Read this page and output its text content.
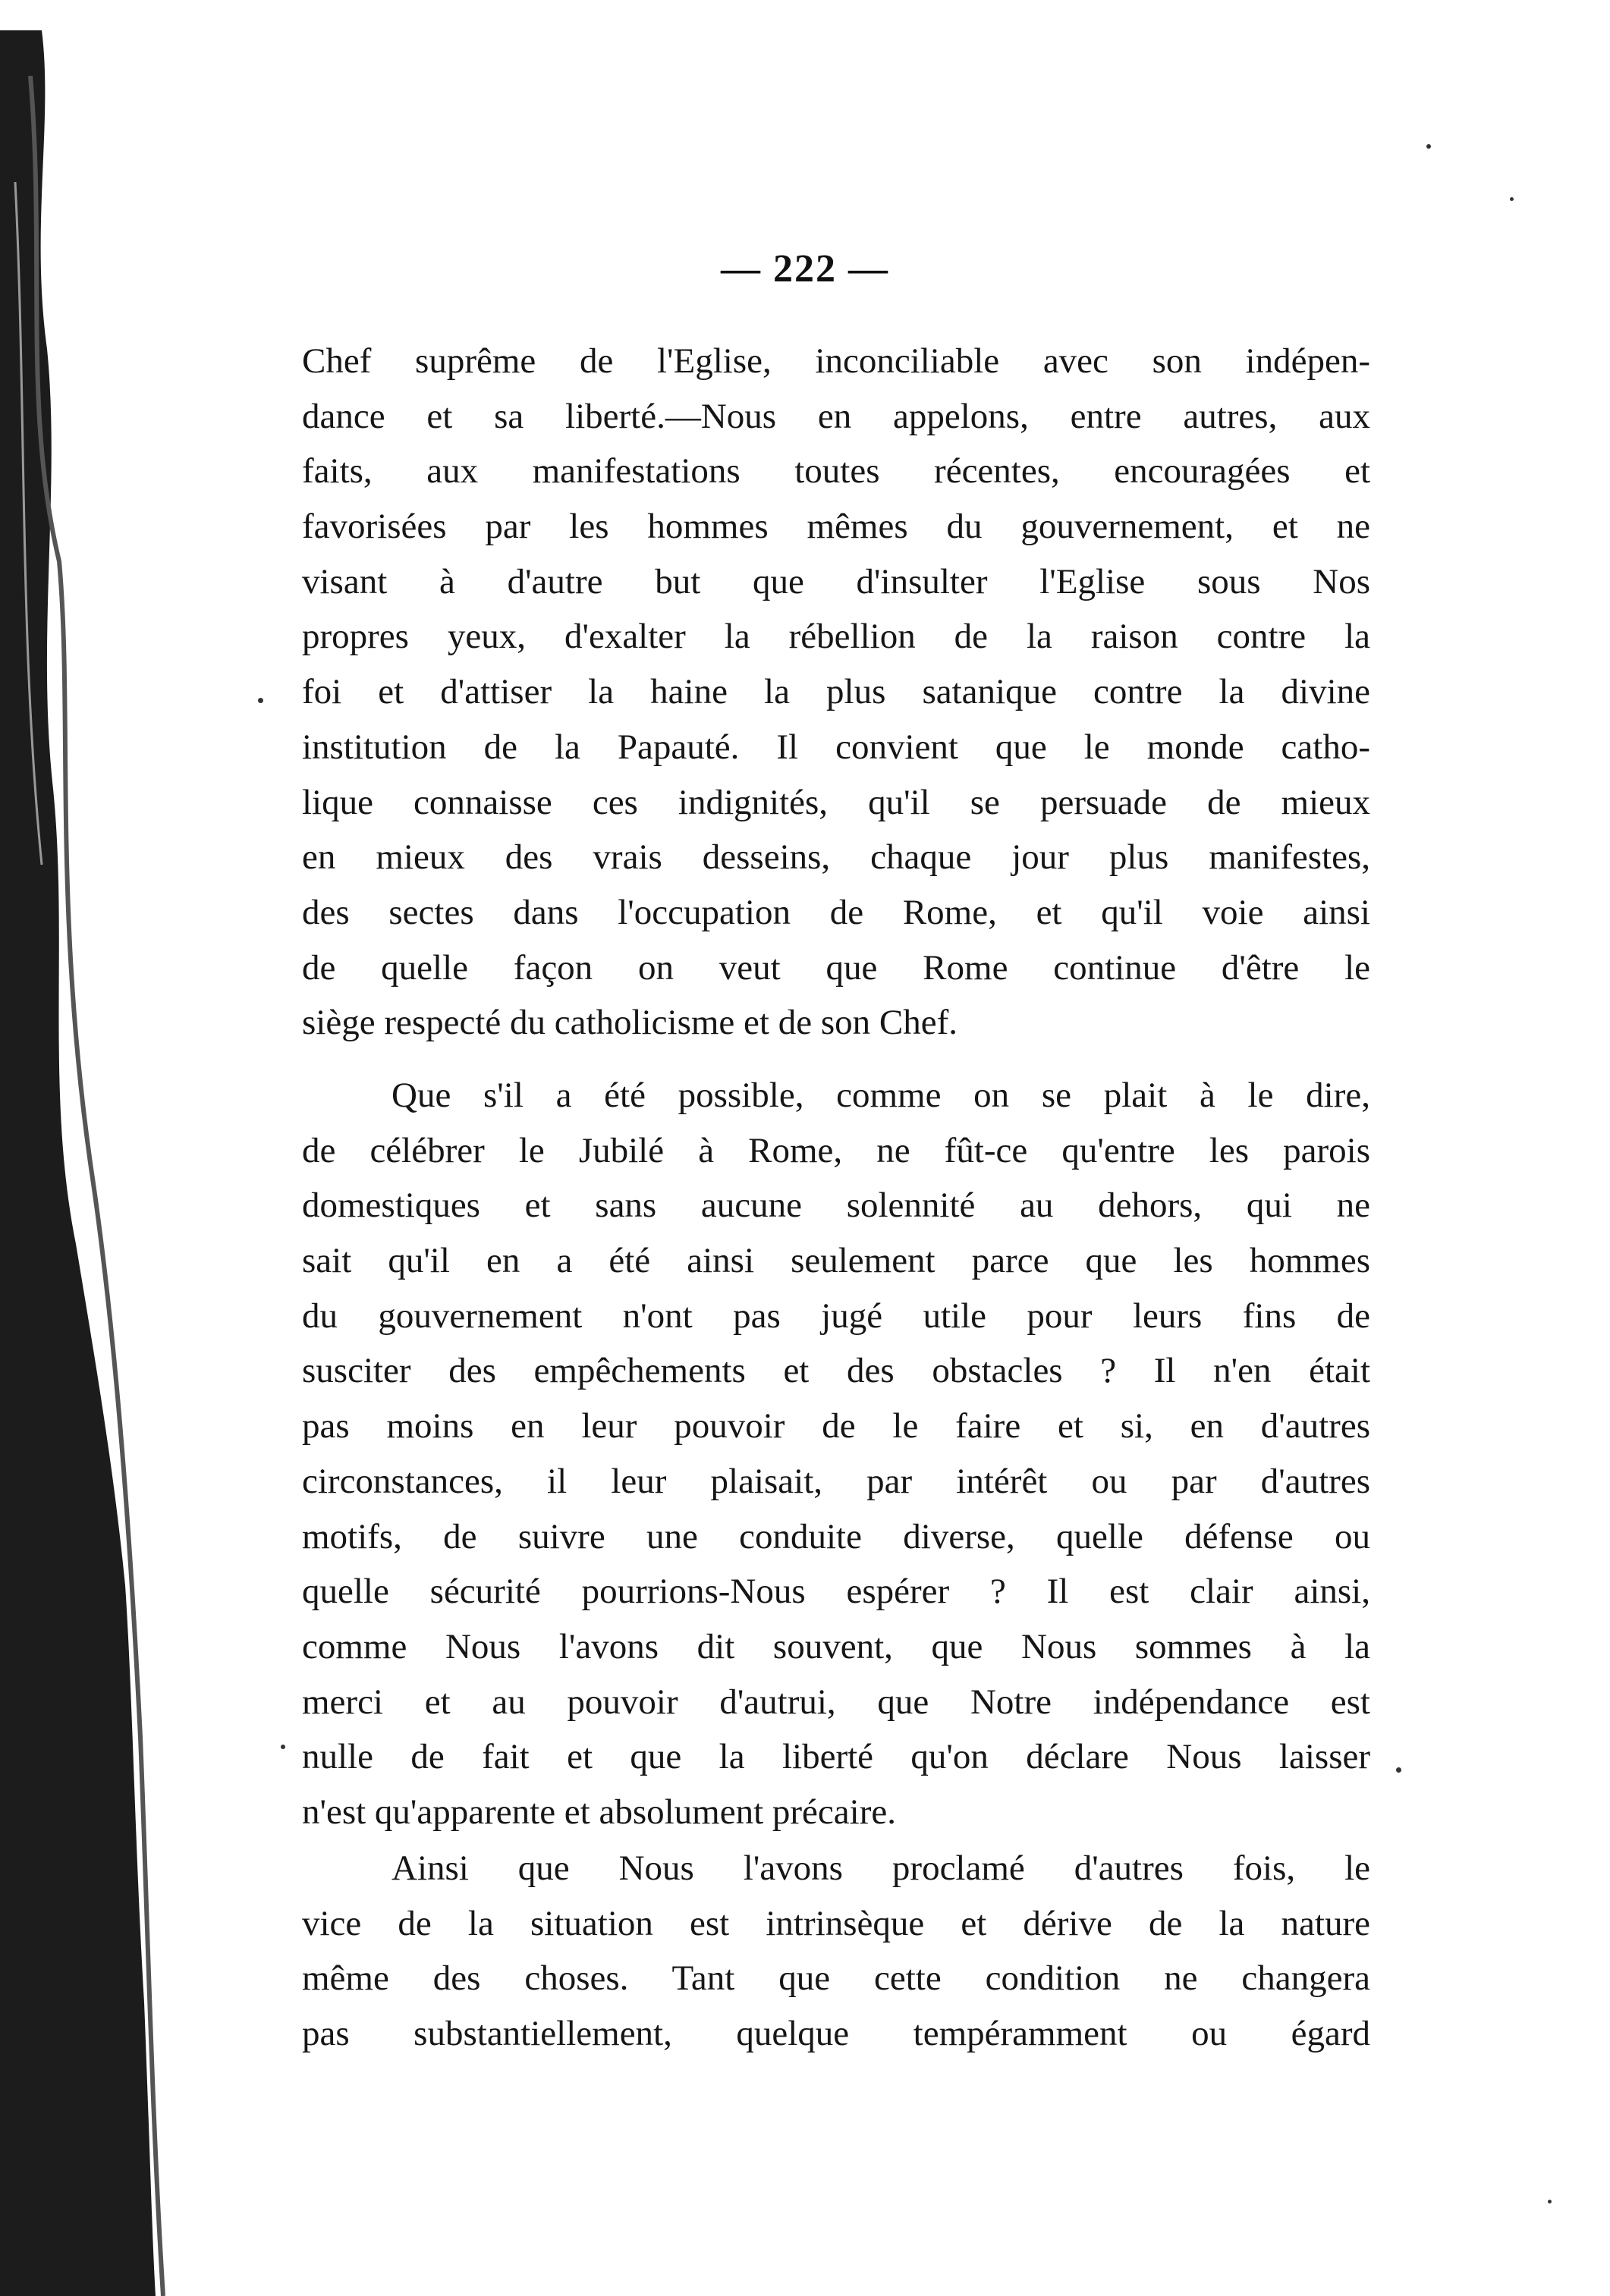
— 222 —
Chef suprême de l'Eglise, inconciliable avec son indépen-
dance et sa liberté.—Nous en appelons, entre autres, aux
faits, aux manifestations toutes récentes, encouragées et
favorisées par les hommes mêmes du gouvernement, et ne
visant à d'autre but que d'insulter l'Eglise sous Nos
propres yeux, d'exalter la rébellion de la raison contre la
foi et d'attiser la haine la plus satanique contre la divine
institution de la Papauté. Il convient que le monde catho-
lique connaisse ces indignités, qu'il se persuade de mieux
en mieux des vrais desseins, chaque jour plus manifestes,
des sectes dans l'occupation de Rome, et qu'il voie ainsi
de quelle façon on veut que Rome continue d'être le
siège respecté du catholicisme et de son Chef.
Que s'il a été possible, comme on se plait à le dire,
de célébrer le Jubilé à Rome, ne fût-ce qu'entre les parois
domestiques et sans aucune solennité au dehors, qui ne
sait qu'il en a été ainsi seulement parce que les hommes
du gouvernement n'ont pas jugé utile pour leurs fins de
susciter des empêchements et des obstacles ? Il n'en était
pas moins en leur pouvoir de le faire et si, en d'autres
circonstances, il leur plaisait, par intérêt ou par d'autres
motifs, de suivre une conduite diverse, quelle défense ou
quelle sécurité pourrions-Nous espérer ? Il est clair ainsi,
comme Nous l'avons dit souvent, que Nous sommes à la
merci et au pouvoir d'autrui, que Notre indépendance est
nulle de fait et que la liberté qu'on déclare Nous laisser
n'est qu'apparente et absolument précaire.
Ainsi que Nous l'avons proclamé d'autres fois, le
vice de la situation est intrinsèque et dérive de la nature
même des choses. Tant que cette condition ne changera
pas substantiellement, quelque tempéramment ou égard
